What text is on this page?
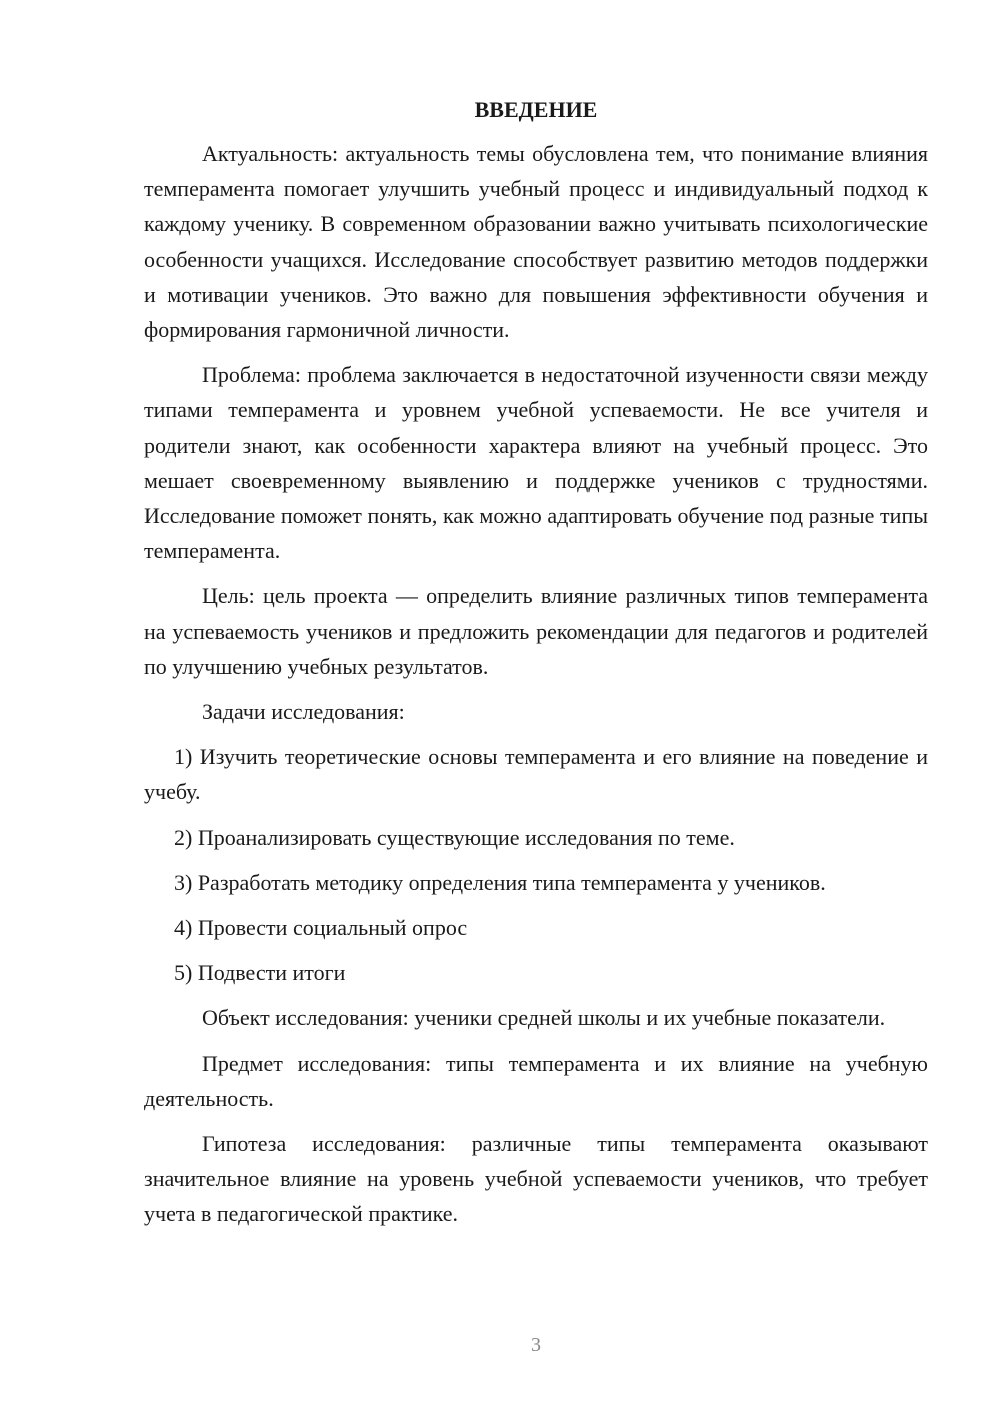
ВВЕДЕНИЕ

Актуальность: актуальность темы обусловлена тем, что понимание влияния темперамента помогает улучшить учебный процесс и индивидуальный подход к каждому ученику. В современном образовании важно учитывать психологические особенности учащихся. Исследование способствует развитию методов поддержки и мотивации учеников. Это важно для повышения эффективности обучения и формирования гармоничной личности.

Проблема: проблема заключается в недостаточной изученности связи между типами темперамента и уровнем учебной успеваемости. Не все учителя и родители знают, как особенности характера влияют на учебный процесс. Это мешает своевременному выявлению и поддержке учеников с трудностями. Исследование поможет понять, как можно адаптировать обучение под разные типы темперамента.

Цель: цель проекта — определить влияние различных типов темперамента на успеваемость учеников и предложить рекомендации для педагогов и родителей по улучшению учебных результатов.

Задачи исследования:

1) Изучить теоретические основы темперамента и его влияние на поведение и учебу.

2) Проанализировать существующие исследования по теме.

3) Разработать методику определения типа темперамента у учеников.

4) Провести социальный опрос

5) Подвести итоги

Объект исследования: ученики средней школы и их учебные показатели.

Предмет исследования: типы темперамента и их влияние на учебную деятельность.

Гипотеза исследования: различные типы темперамента оказывают значительное влияние на уровень учебной успеваемости учеников, что требует учета в педагогической практике.

3
